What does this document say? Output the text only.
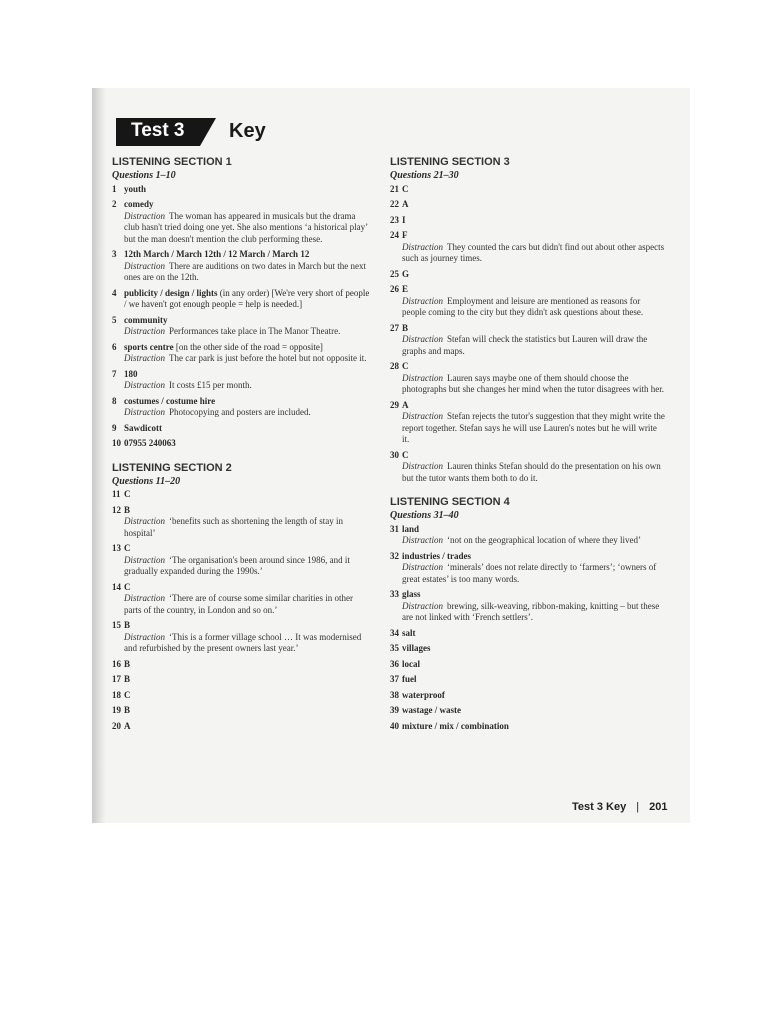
Test 3 Key
LISTENING SECTION 1
Questions 1–10
1 youth
2 comedy
Distraction The woman has appeared in musicals but the drama club hasn't tried doing one yet. She also mentions ‘a historical play’ but the man doesn't mention the club performing these.
3 12th March / March 12th / 12 March / March 12
Distraction There are auditions on two dates in March but the next ones are on the 12th.
4 publicity / design / lights (in any order) [We're very short of people / we haven't got enough people = help is needed.]
5 community
Distraction Performances take place in The Manor Theatre.
6 sports centre [on the other side of the road = opposite]
Distraction The car park is just before the hotel but not opposite it.
7 180
Distraction It costs £15 per month.
8 costumes / costume hire
Distraction Photocopying and posters are included.
9 Sawdicott
10 07955 240063
LISTENING SECTION 2
Questions 11–20
11 C
12 B
Distraction ‘benefits such as shortening the length of stay in hospital’
13 C
Distraction ‘The organisation's been around since 1986, and it gradually expanded during the 1990s.’
14 C
Distraction ‘There are of course some similar charities in other parts of the country, in London and so on.’
15 B
Distraction ‘This is a former village school … It was modernised and refurbished by the present owners last year.’
16 B
17 B
18 C
19 B
20 A
LISTENING SECTION 3
Questions 21–30
21 C
22 A
23 I
24 F
Distraction They counted the cars but didn't find out about other aspects such as journey times.
25 G
26 E
Distraction Employment and leisure are mentioned as reasons for people coming to the city but they didn't ask questions about these.
27 B
Distraction Stefan will check the statistics but Lauren will draw the graphs and maps.
28 C
Distraction Lauren says maybe one of them should choose the photographs but she changes her mind when the tutor disagrees with her.
29 A
Distraction Stefan rejects the tutor's suggestion that they might write the report together. Stefan says he will use Lauren's notes but he will write it.
30 C
Distraction Lauren thinks Stefan should do the presentation on his own but the tutor wants them both to do it.
LISTENING SECTION 4
Questions 31–40
31 land
Distraction ‘not on the geographical location of where they lived’
32 industries / trades
Distraction ‘minerals’ does not relate directly to ‘farmers’; ‘owners of great estates’ is too many words.
33 glass
Distraction brewing, silk-weaving, ribbon-making, knitting – but these are not linked with ‘French settlers’.
34 salt
35 villages
36 local
37 fuel
38 waterproof
39 wastage / waste
40 mixture / mix / combination
Test 3 Key | 201
